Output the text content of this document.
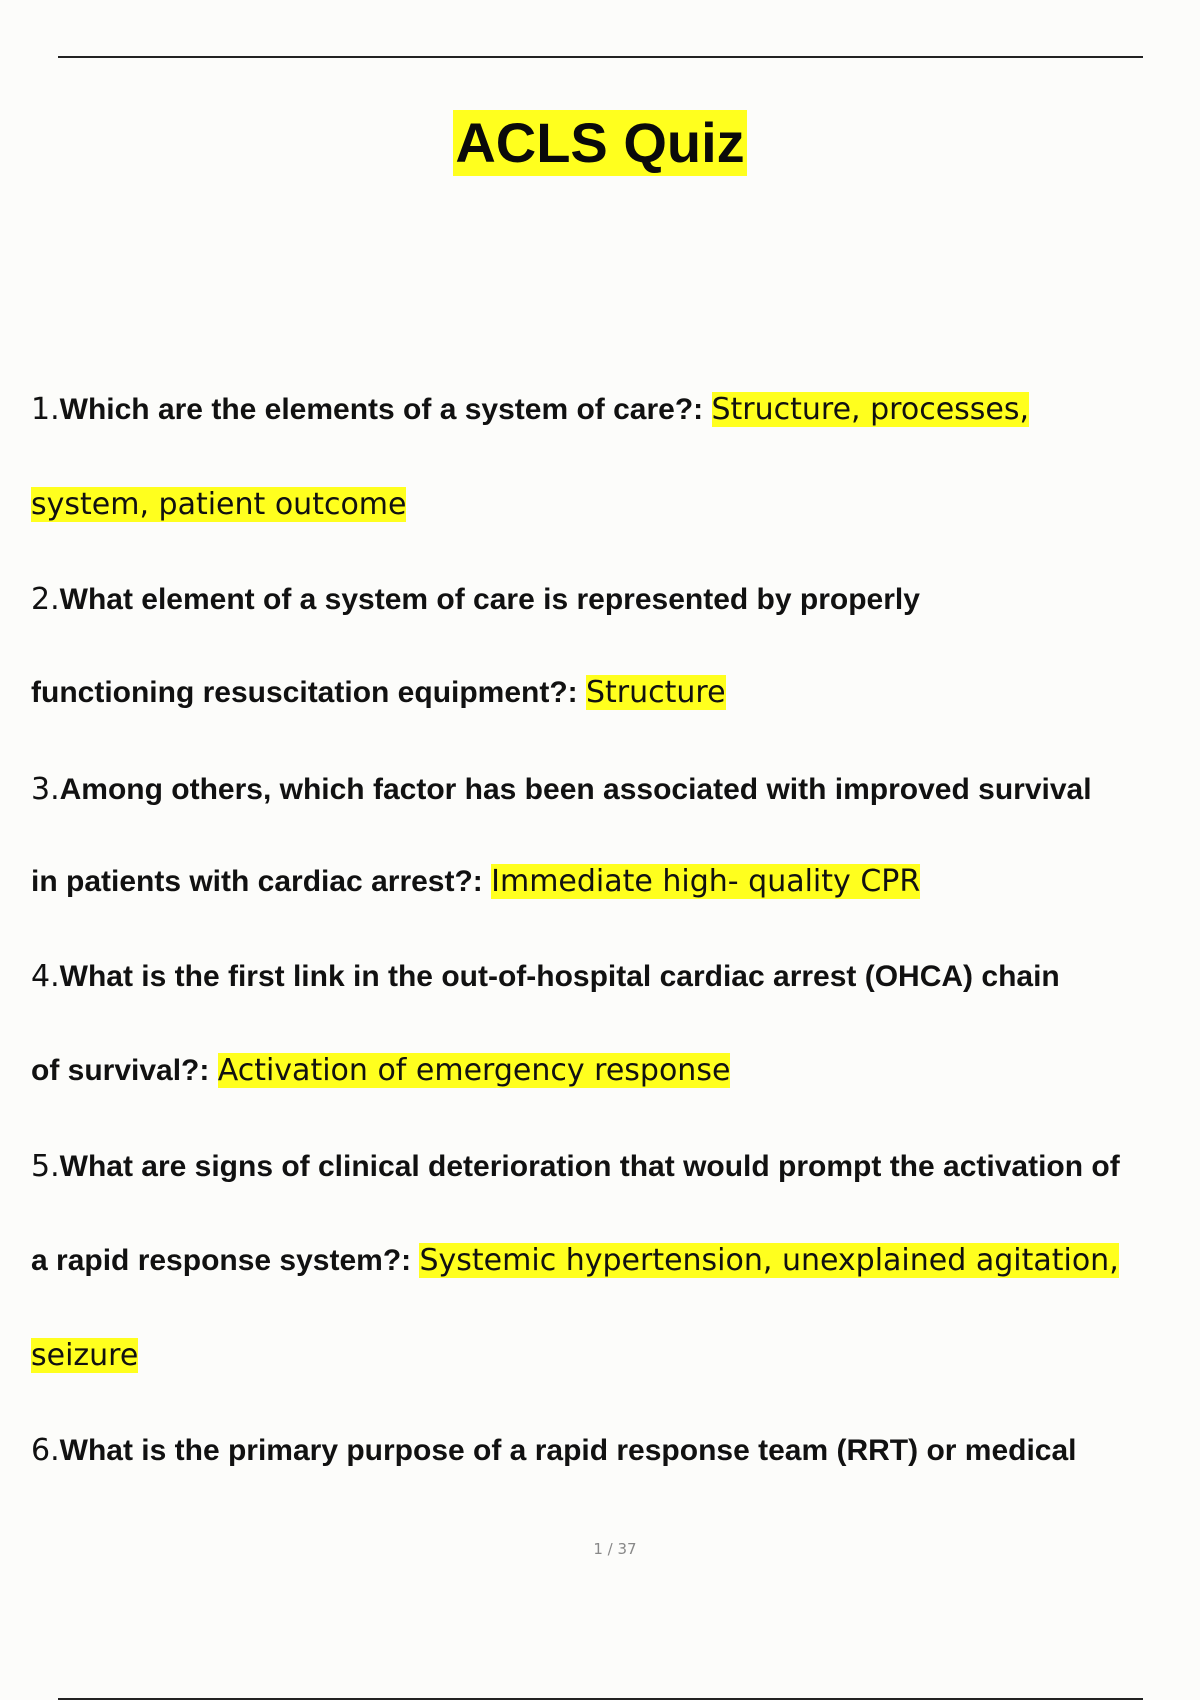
ACLS Quiz
1.Which are the elements of a system of care?: Structure, processes,
system, patient outcome
2.What element of a system of care is represented by properly
functioning resuscitation equipment?: Structure
3.Among others, which factor has been associated with improved survival
in patients with cardiac arrest?: Immediate high- quality CPR
4.What is the first link in the out-of-hospital cardiac arrest (OHCA) chain
of survival?: Activation of emergency response
5.What are signs of clinical deterioration that would prompt the activation of
a rapid response system?: Systemic hypertension, unexplained agitation,
seizure
6.What is the primary purpose of a rapid response team (RRT) or medical
1 / 37
